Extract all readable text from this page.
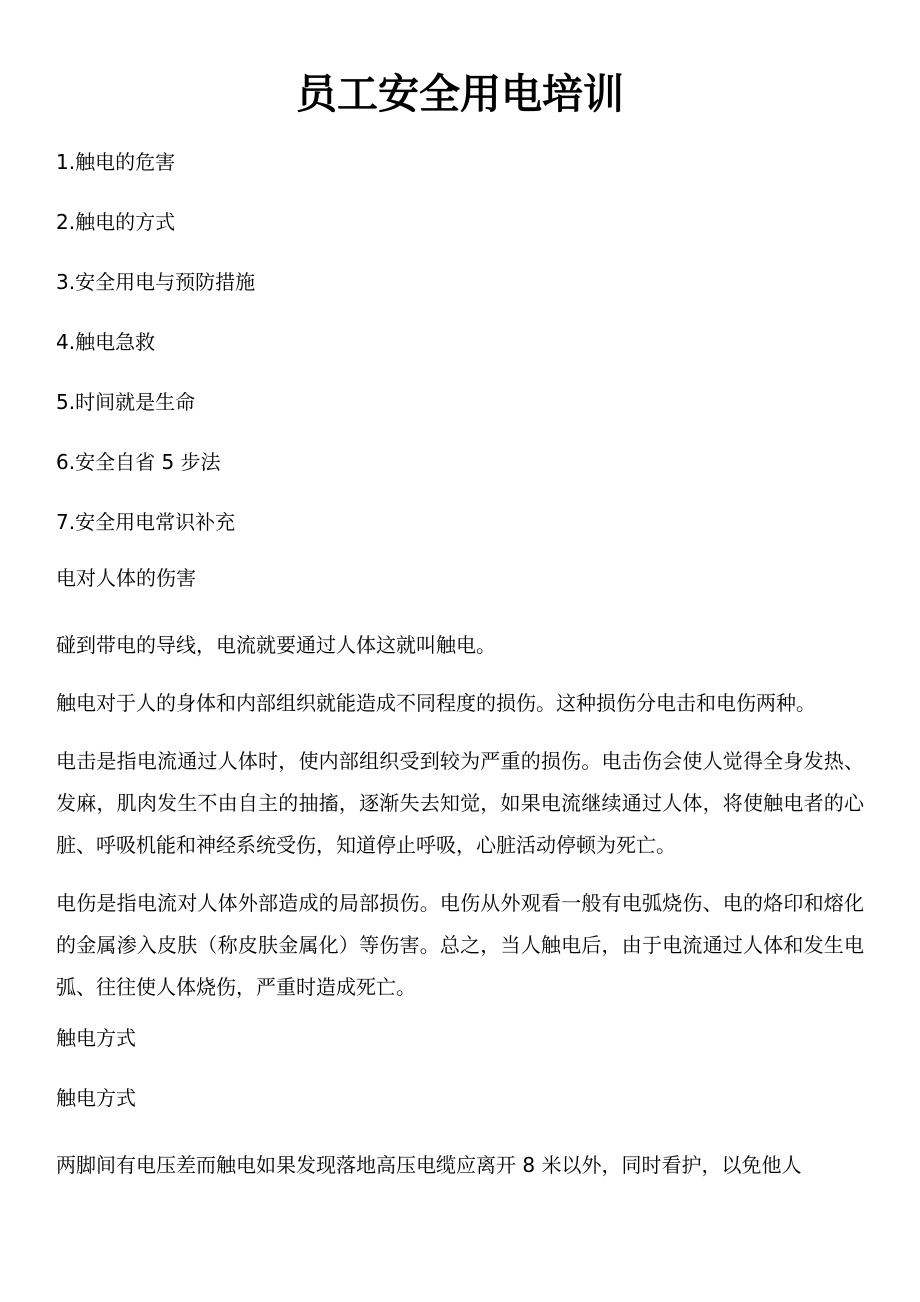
员工安全用电培训
1.触电的危害
2.触电的方式
3.安全用电与预防措施
4.触电急救
5.时间就是生命
6.安全自省 5 步法
7.安全用电常识补充

电对人体的伤害

碰到带电的导线，电流就要通过人体这就叫触电。

触电对于人的身体和内部组织就能造成不同程度的损伤。这种损伤分电击和电伤两种。

电击是指电流通过人体时，使内部组织受到较为严重的损伤。电击伤会使人觉得全身发热、发麻，肌肉发生不由自主的抽搐，逐渐失去知觉，如果电流继续通过人体，将使触电者的心脏、呼吸机能和神经系统受伤，知道停止呼吸，心脏活动停顿为死亡。

电伤是指电流对人体外部造成的局部损伤。电伤从外观看一般有电弧烧伤、电的烙印和熔化的金属渗入皮肤（称皮肤金属化）等伤害。总之，当人触电后，由于电流通过人体和发生电弧、往往使人体烧伤，严重时造成死亡。

触电方式

触电方式

两脚间有电压差而触电如果发现落地高压电缆应离开 8 米以外，同时看护，以免他人
